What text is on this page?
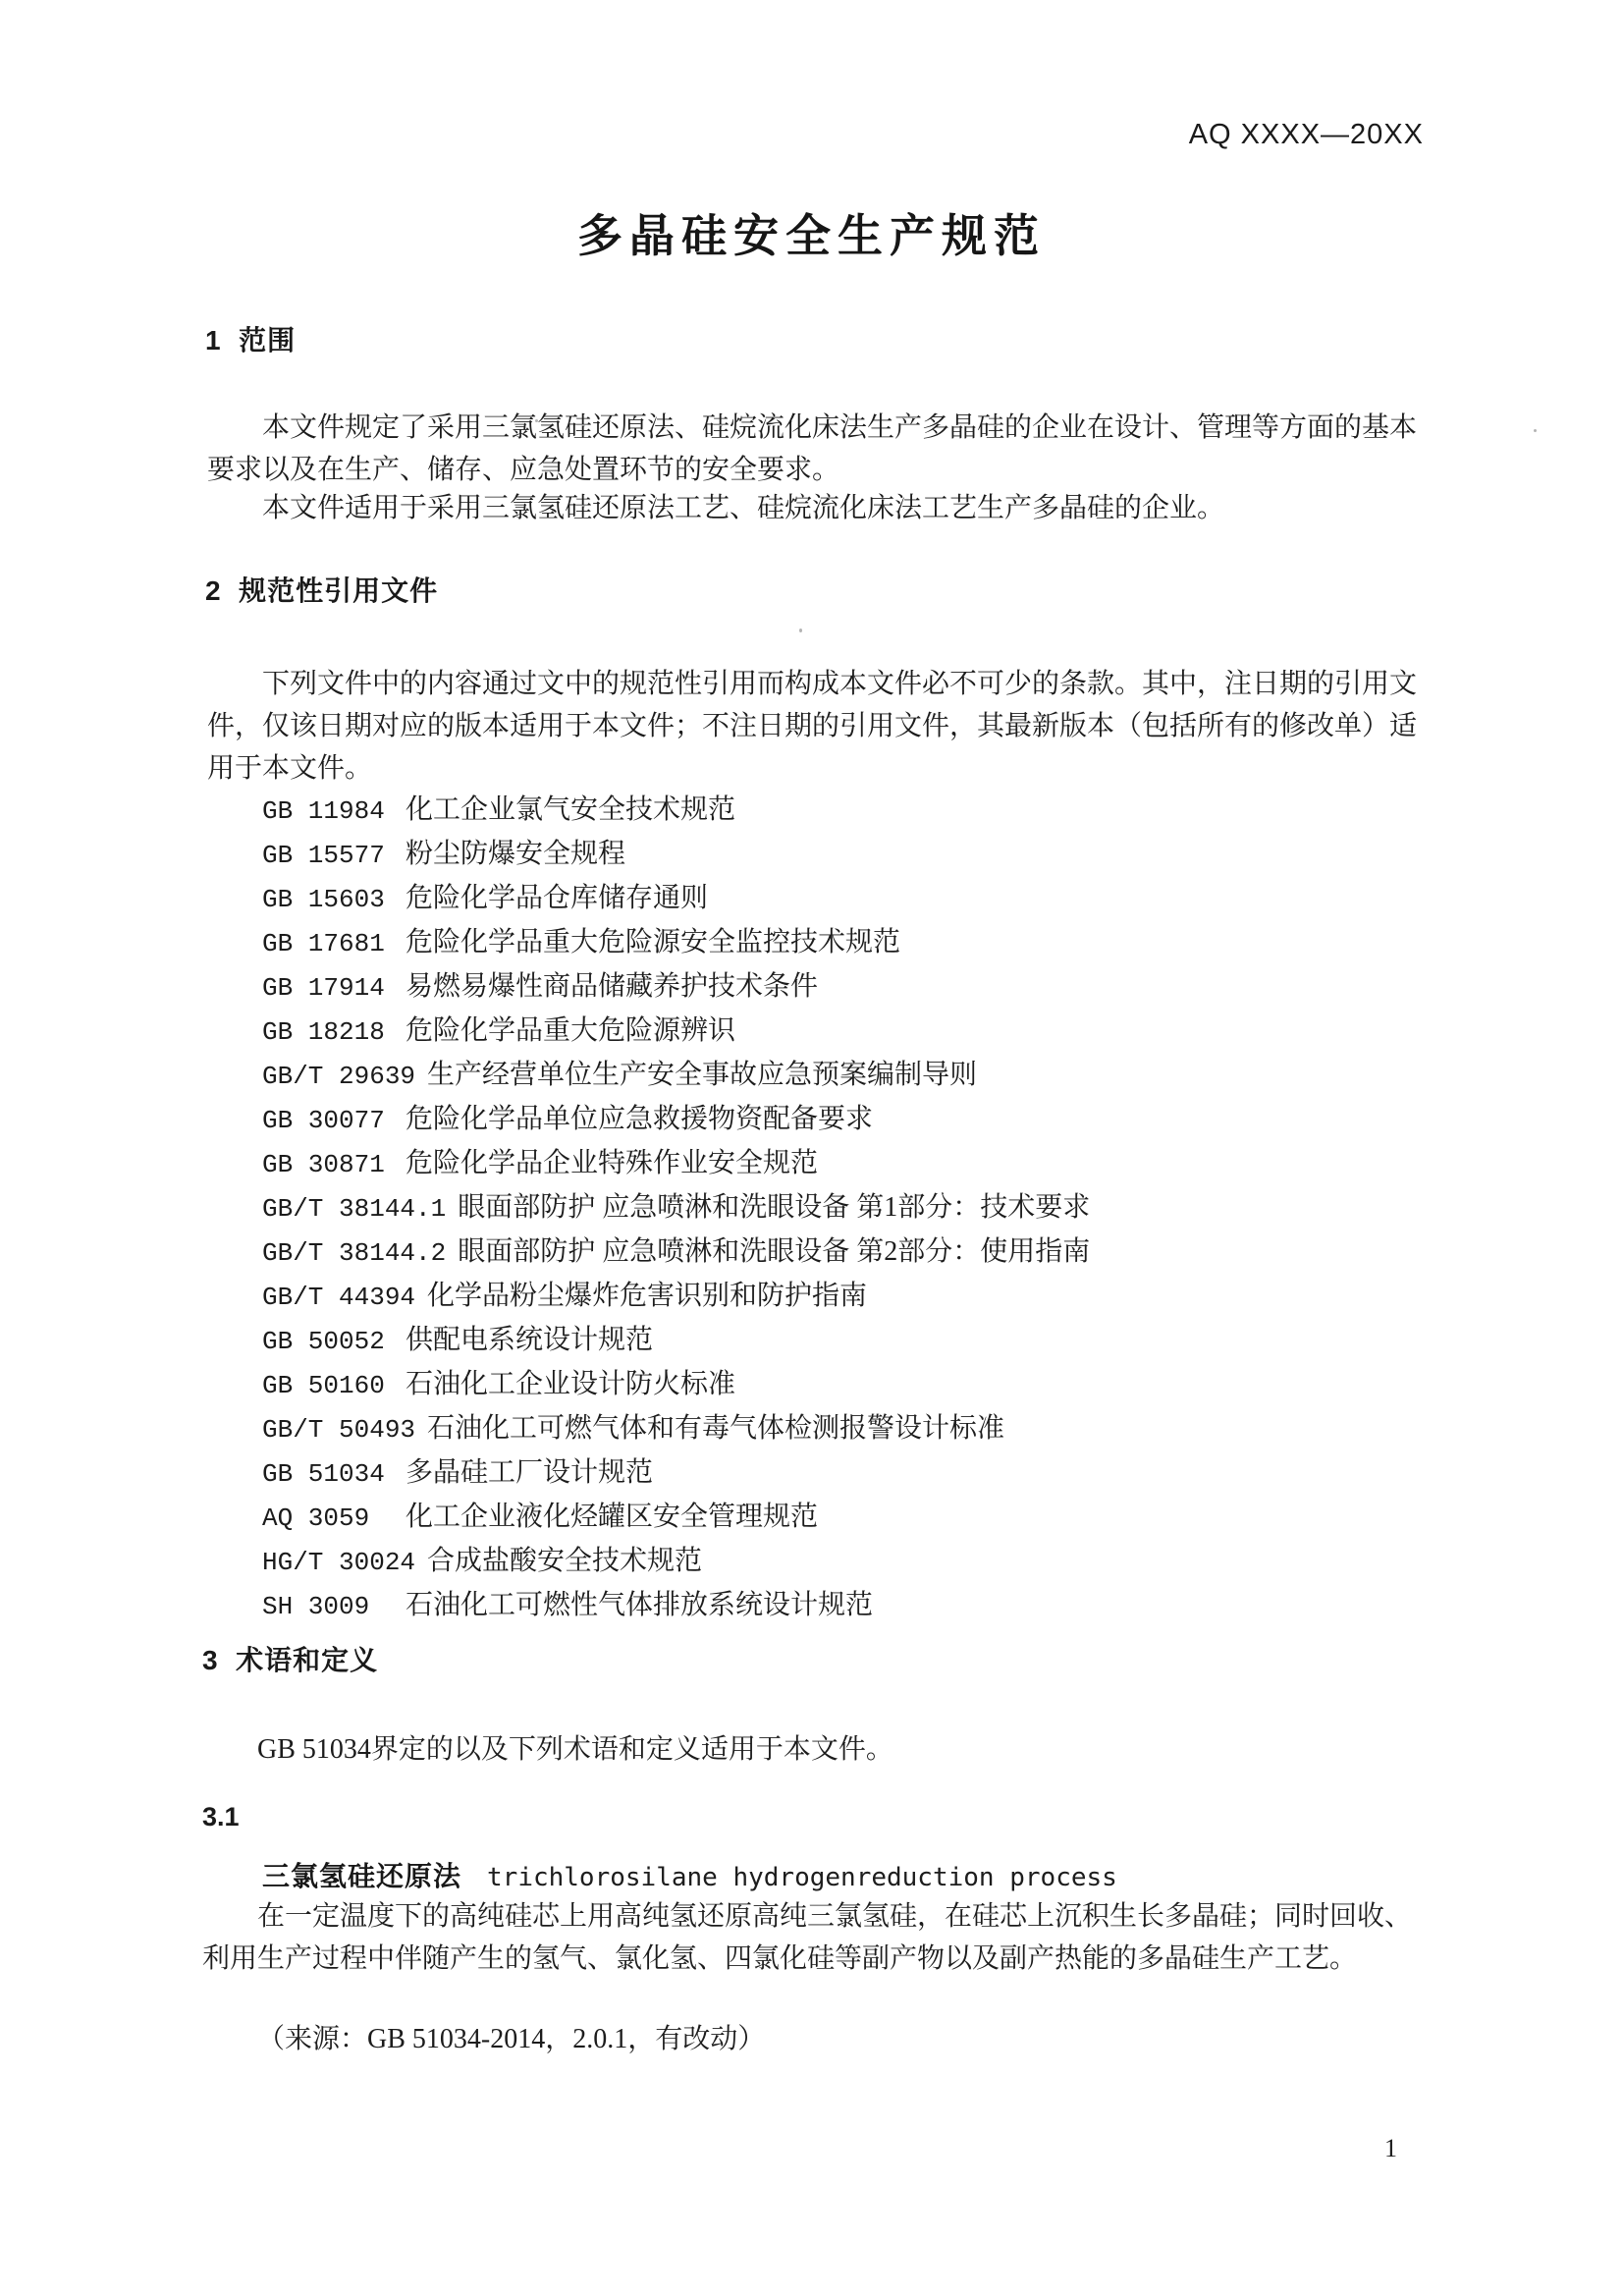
AQ XXXX—20XX
多晶硅安全生产规范
1  范围

本文件规定了采用三氯氢硅还原法、硅烷流化床法生产多晶硅的企业在设计、管理等方面的基本要求以及在生产、储存、应急处置环节的安全要求。

本文件适用于采用三氯氢硅还原法工艺、硅烷流化床法工艺生产多晶硅的企业。

2  规范性引用文件

下列文件中的内容通过文中的规范性引用而构成本文件必不可少的条款。其中，注日期的引用文件，仅该日期对应的版本适用于本文件；不注日期的引用文件，其最新版本（包括所有的修改单）适用于本文件。

GB 11984 化工企业氯气安全技术规范
GB 15577 粉尘防爆安全规程
GB 15603 危险化学品仓库储存通则
GB 17681 危险化学品重大危险源安全监控技术规范
GB 17914 易燃易爆性商品储藏养护技术条件
GB 18218 危险化学品重大危险源辨识
GB/T 29639 生产经营单位生产安全事故应急预案编制导则
GB 30077 危险化学品单位应急救援物资配备要求
GB 30871 危险化学品企业特殊作业安全规范
GB/T 38144.1 眼面部防护 应急喷淋和洗眼设备 第1部分：技术要求
GB/T 38144.2 眼面部防护 应急喷淋和洗眼设备 第2部分：使用指南
GB/T 44394 化学品粉尘爆炸危害识别和防护指南
GB 50052 供配电系统设计规范
GB 50160 石油化工企业设计防火标准
GB/T 50493 石油化工可燃气体和有毒气体检测报警设计标准
GB 51034 多晶硅工厂设计规范
AQ 3059	化工企业液化烃罐区安全管理规范
HG/T 30024 合成盐酸安全技术规范
SH 3009	石油化工可燃性气体排放系统设计规范
3  术语和定义

GB 51034界定的以及下列术语和定义适用于本文件。

3.1
三氯氢硅还原法 trichlorosilane hydrogenreduction process

在一定温度下的高纯硅芯上用高纯氢还原高纯三氯氢硅，在硅芯上沉积生长多晶硅；同时回收、利用生产过程中伴随产生的氢气、氯化氢、四氯化硅等副产物以及副产热能的多晶硅生产工艺。

（来源：GB 51034-2014，2.0.1，有改动）

1
